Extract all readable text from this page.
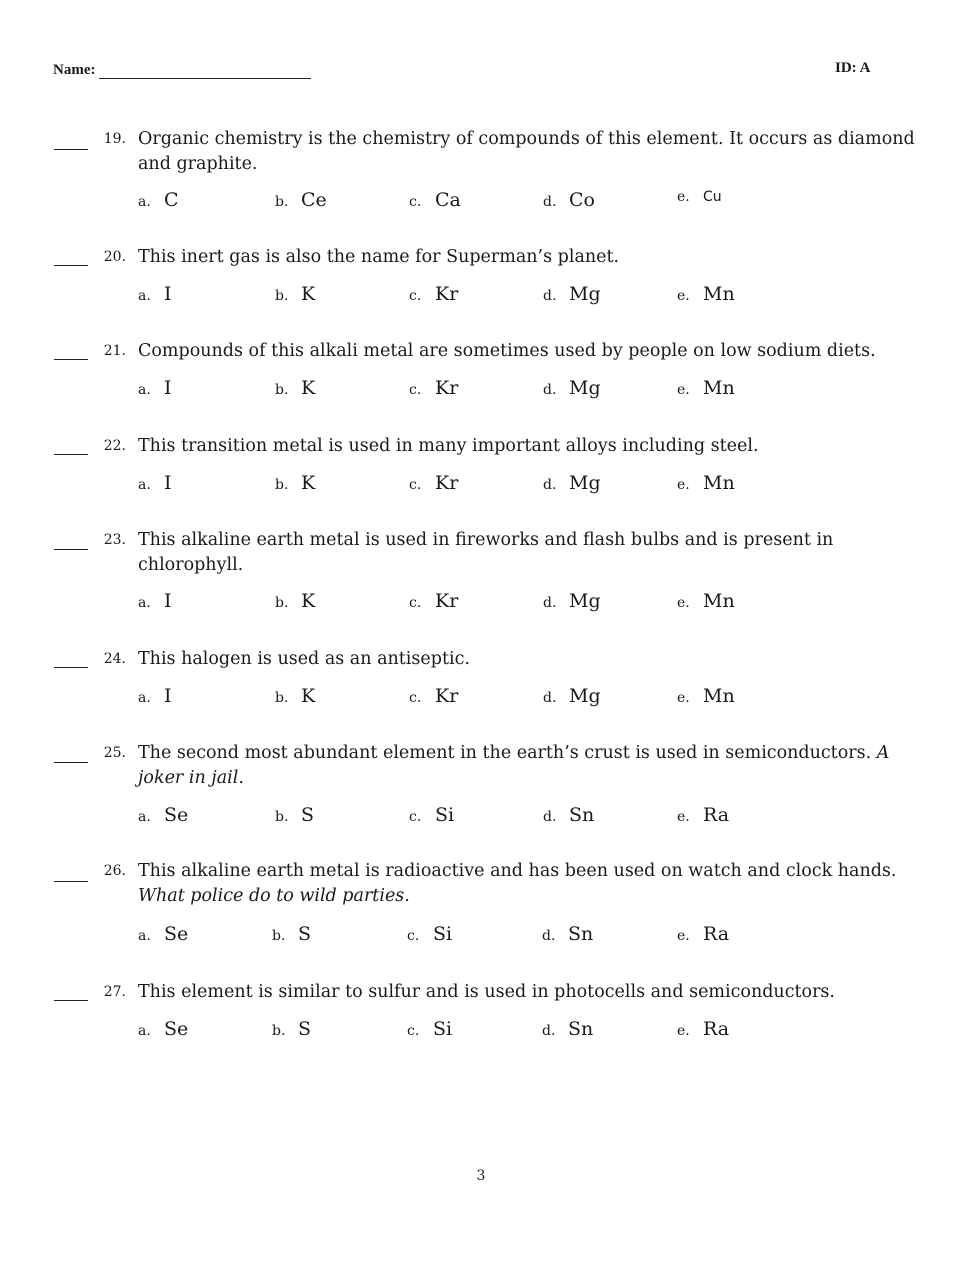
Name:	ID: A
19. Organic chemistry is the chemistry of compounds of this element. It occurs as diamond and graphite.
a. C	b. Ce	c. Ca	d. Co	e. Cu
20. This inert gas is also the name for Superman’s planet.
a. I	b. K	c. Kr	d. Mg	e. Mn
21. Compounds of this alkali metal are sometimes used by people on low sodium diets.
a. I	b. K	c. Kr	d. Mg	e. Mn
22. This transition metal is used in many important alloys including steel.
a. I	b. K	c. Kr	d. Mg	e. Mn
23. This alkaline earth metal is used in fireworks and flash bulbs and is present in chlorophyll.
a. I	b. K	c. Kr	d. Mg	e. Mn
24. This halogen is used as an antiseptic.
a. I	b. K	c. Kr	d. Mg	e. Mn
25. The second most abundant element in the earth’s crust is used in semiconductors. A joker in jail.
a. Se	b. S	c. Si	d. Sn	e. Ra
26. This alkaline earth metal is radioactive and has been used on watch and clock hands.
What police do to wild parties.
a. Se	b. S	c. Si	d. Sn	e. Ra
27. This element is similar to sulfur and is used in photocells and semiconductors.
a. Se	b. S	c. Si	d. Sn	e. Ra
3
